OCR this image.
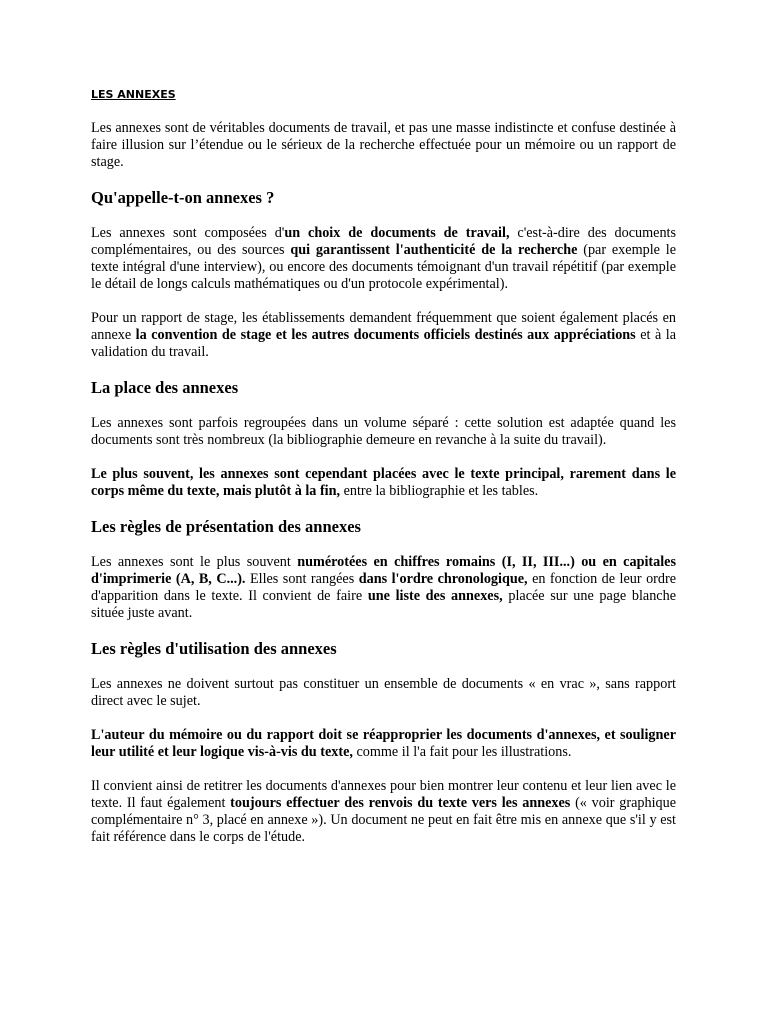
LES ANNEXES

Les annexes sont de véritables documents de travail, et pas une masse indistincte et confuse destinée à faire illusion sur l’étendue ou le sérieux de la recherche effectuée pour un mémoire ou un rapport de stage.

Qu'appelle-t-on annexes ?

Les annexes sont composées d'un choix de documents de travail, c'est-à-dire des documents complémentaires, ou des sources qui garantissent l'authenticité de la recherche (par exemple le texte intégral d'une interview), ou encore des documents témoignant d'un travail répétitif (par exemple le détail de longs calculs mathématiques ou d'un protocole expérimental).

Pour un rapport de stage, les établissements demandent fréquemment que soient également placés en annexe la convention de stage et les autres documents officiels destinés aux appréciations et à la validation du travail.

La place des annexes

Les annexes sont parfois regroupées dans un volume séparé : cette solution est adaptée quand les documents sont très nombreux (la bibliographie demeure en revanche à la suite du travail).

Le plus souvent, les annexes sont cependant placées avec le texte principal, rarement dans le corps même du texte, mais plutôt à la fin, entre la bibliographie et les tables.

Les règles de présentation des annexes

Les annexes sont le plus souvent numérotées en chiffres romains (I, II, III...) ou en capitales d'imprimerie (A, B, C...). Elles sont rangées dans l'ordre chronologique, en fonction de leur ordre d'apparition dans le texte. Il convient de faire une liste des annexes, placée sur une page blanche située juste avant.

Les règles d'utilisation des annexes

Les annexes ne doivent surtout pas constituer un ensemble de documents « en vrac », sans rapport direct avec le sujet.

L'auteur du mémoire ou du rapport doit se réapproprier les documents d'annexes, et souligner leur utilité et leur logique vis-à-vis du texte, comme il l'a fait pour les illustrations.

Il convient ainsi de retitrer les documents d'annexes pour bien montrer leur contenu et leur lien avec le texte. Il faut également toujours effectuer des renvois du texte vers les annexes (« voir graphique complémentaire n° 3, placé en annexe »). Un document ne peut en fait être mis en annexe que s'il y est fait référence dans le corps de l'étude.
